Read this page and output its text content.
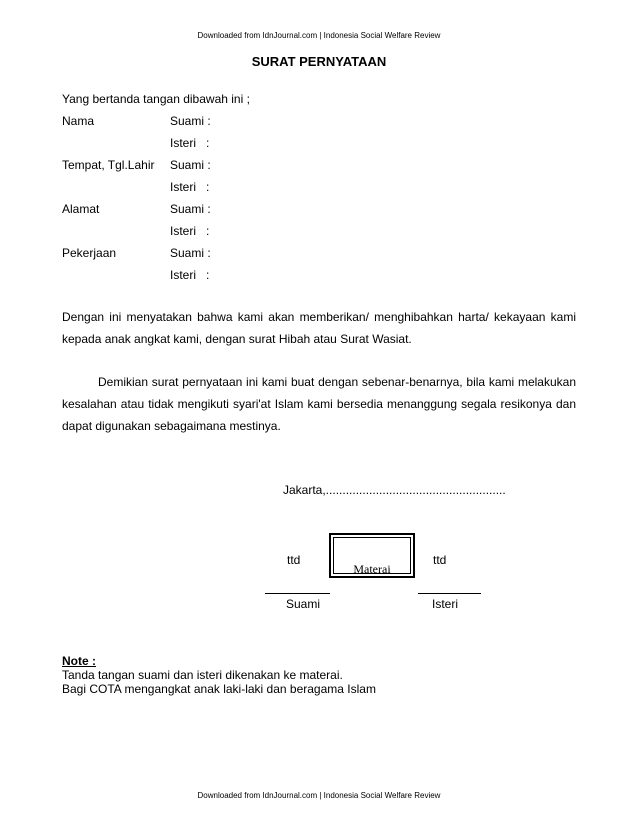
Downloaded from IdnJournal.com | Indonesia Social Welfare Review
SURAT PERNYATAAN
Yang bertanda tangan dibawah ini ;
Nama	Suami :
Isteri   :
Tempat, Tgl.Lahir Suami :
Isteri   :
Alamat	Suami :
Isteri   :
Pekerjaan	Suami :
Isteri   :
Dengan ini menyatakan bahwa kami akan memberikan/ menghibahkan harta/ kekayaan kami kepada anak angkat kami, dengan surat Hibah atau Surat Wasiat.
Demikian surat pernyataan ini kami buat dengan sebenar-benarnya, bila kami melakukan kesalahan atau tidak mengikuti syari'at Islam kami bersedia menanggung segala resikonya dan dapat digunakan sebagaimana mestinya.
Jakarta,......................................................
ttd
Materai
ttd
Suami	Isteri
Note :
Tanda tangan suami dan isteri dikenakan ke materai.
Bagi COTA mengangkat anak laki-laki dan beragama Islam
Downloaded from IdnJournal.com | Indonesia Social Welfare Review
